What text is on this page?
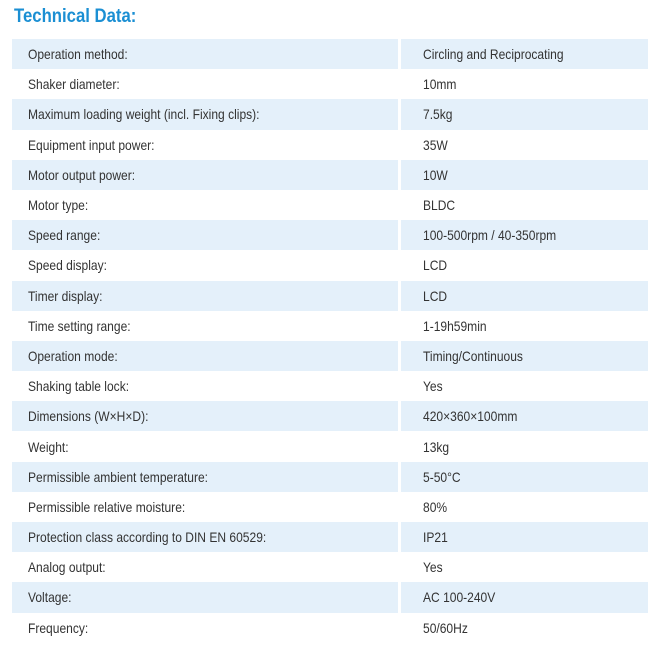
Technical Data:
Operation method:	Circling and Reciprocating
Shaker diameter:	10mm
Maximum loading weight (incl. Fixing clips):	7.5kg
Equipment input power:	35W
Motor output power:	10W
Motor type:	BLDC
Speed range:	100-500rpm / 40-350rpm
Speed display:	LCD
Timer display:	LCD
Time setting range:	1-19h59min
Operation mode:	Timing/Continuous
Shaking table lock:	Yes
Dimensions (W×H×D):	420×360×100mm
Weight:	13kg
Permissible ambient temperature:	5-50°C
Permissible relative moisture:	80%
Protection class according to DIN EN 60529:	IP21
Analog output:	Yes
Voltage:	AC 100-240V
Frequency:	50/60Hz
